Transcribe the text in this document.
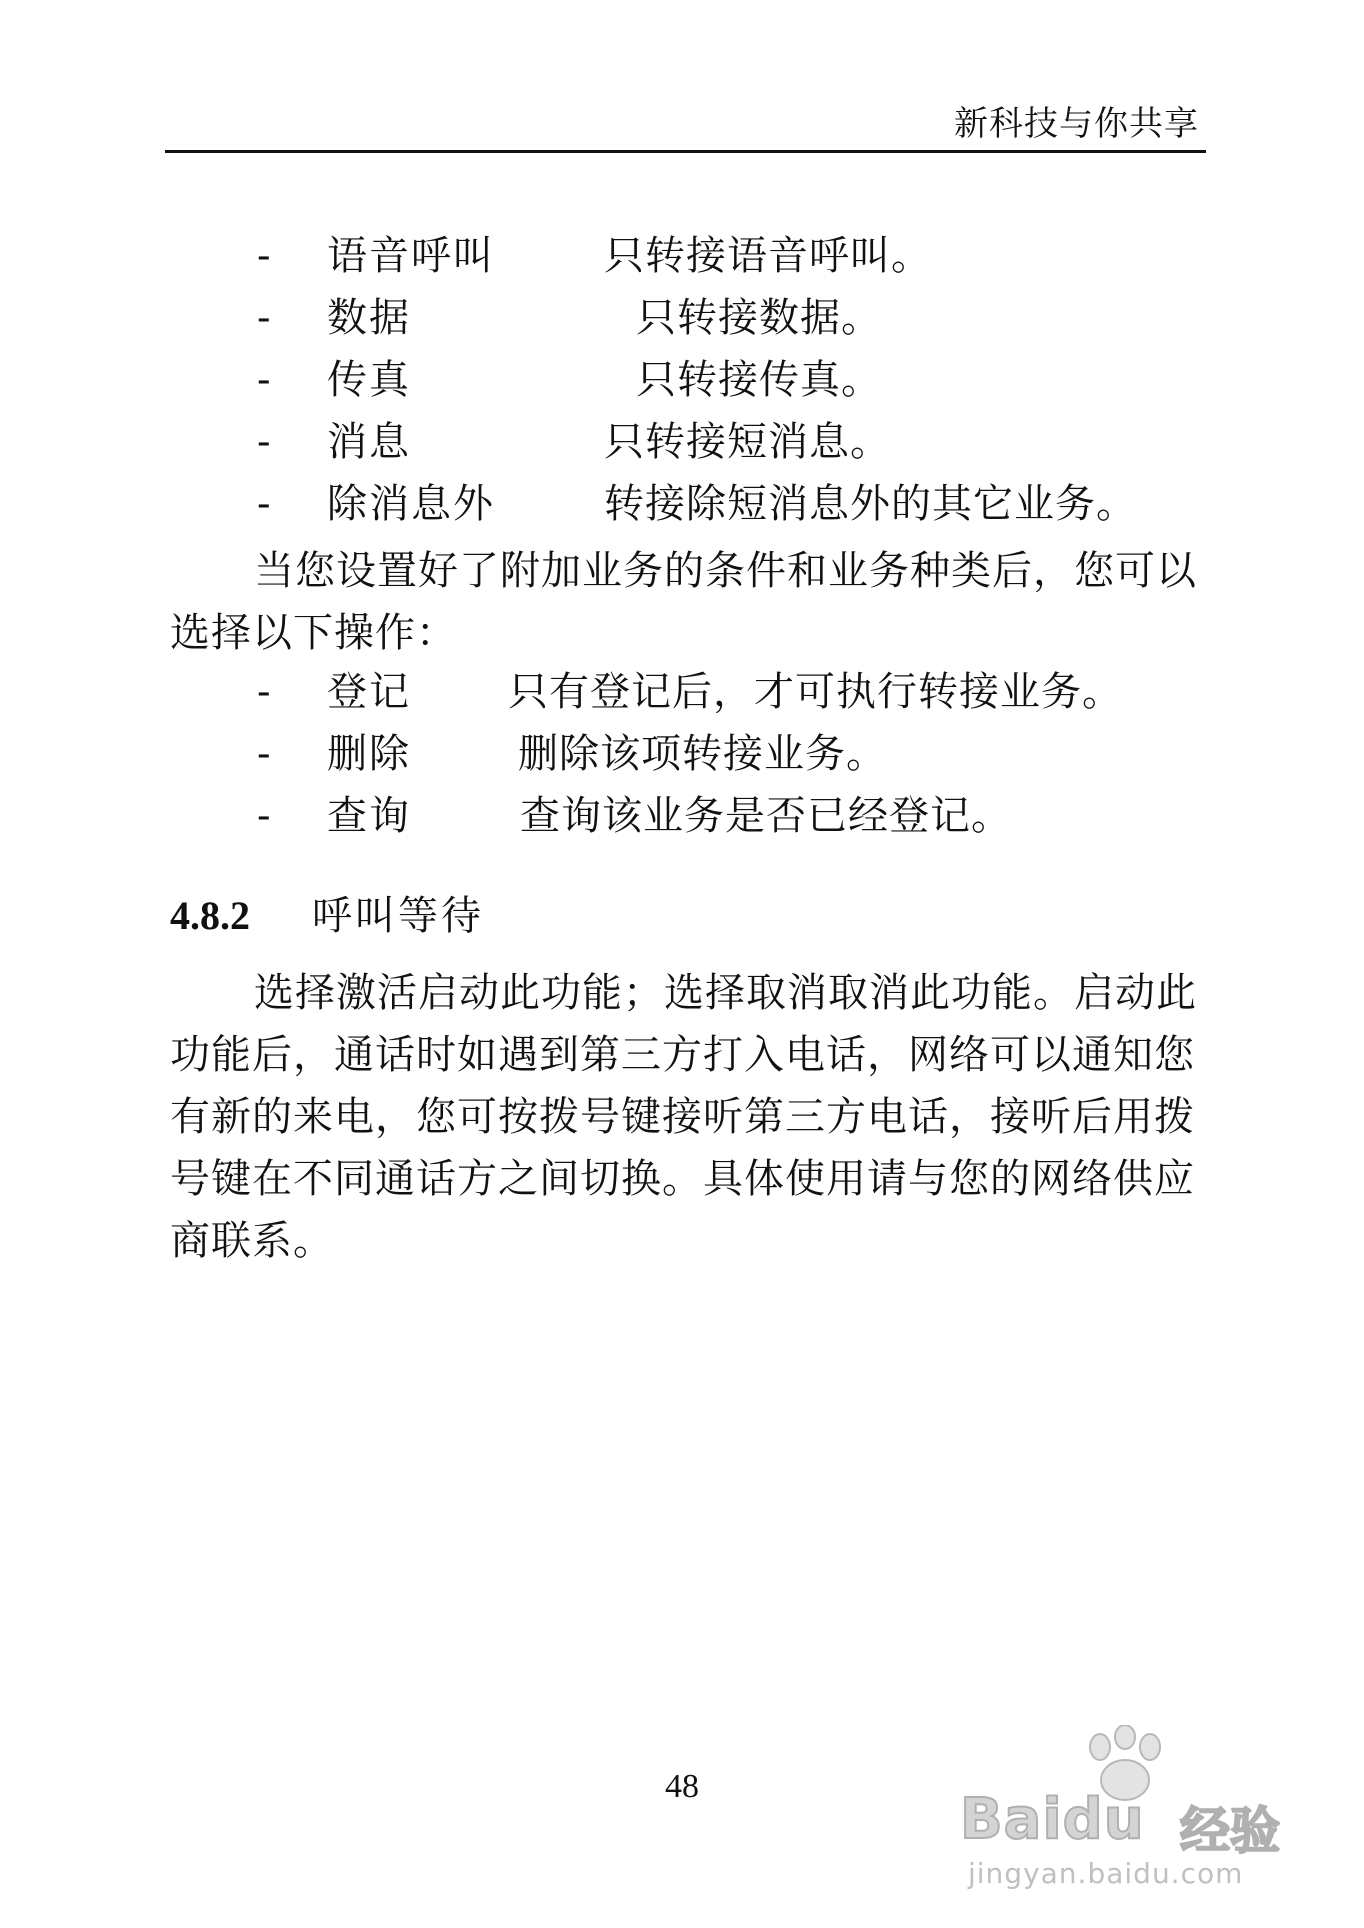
新科技与你共享
- 语音呼叫	只转接语音呼叫。
- 数据	只转接数据。
- 传真	只转接传真。
- 消息	只转接短消息。
- 除消息外	转接除短消息外的其它业务。
当您设置好了附加业务的条件和业务种类后，您可以选择以下操作：
- 登记 只有登记后，才可执行转接业务。
- 删除	删除该项转接业务。
- 查询	查询该业务是否已经登记。
4.8.2 呼叫等待
选择激活启动此功能；选择取消取消此功能。启动此功能后，通话时如遇到第三方打入电话，网络可以通知您有新的来电，您可按拨号键接听第三方电话，接听后用拨号键在不同通话方之间切换。具体使用请与您的网络供应商联系。
48
Baidu 经验
jingyan.baidu.com
